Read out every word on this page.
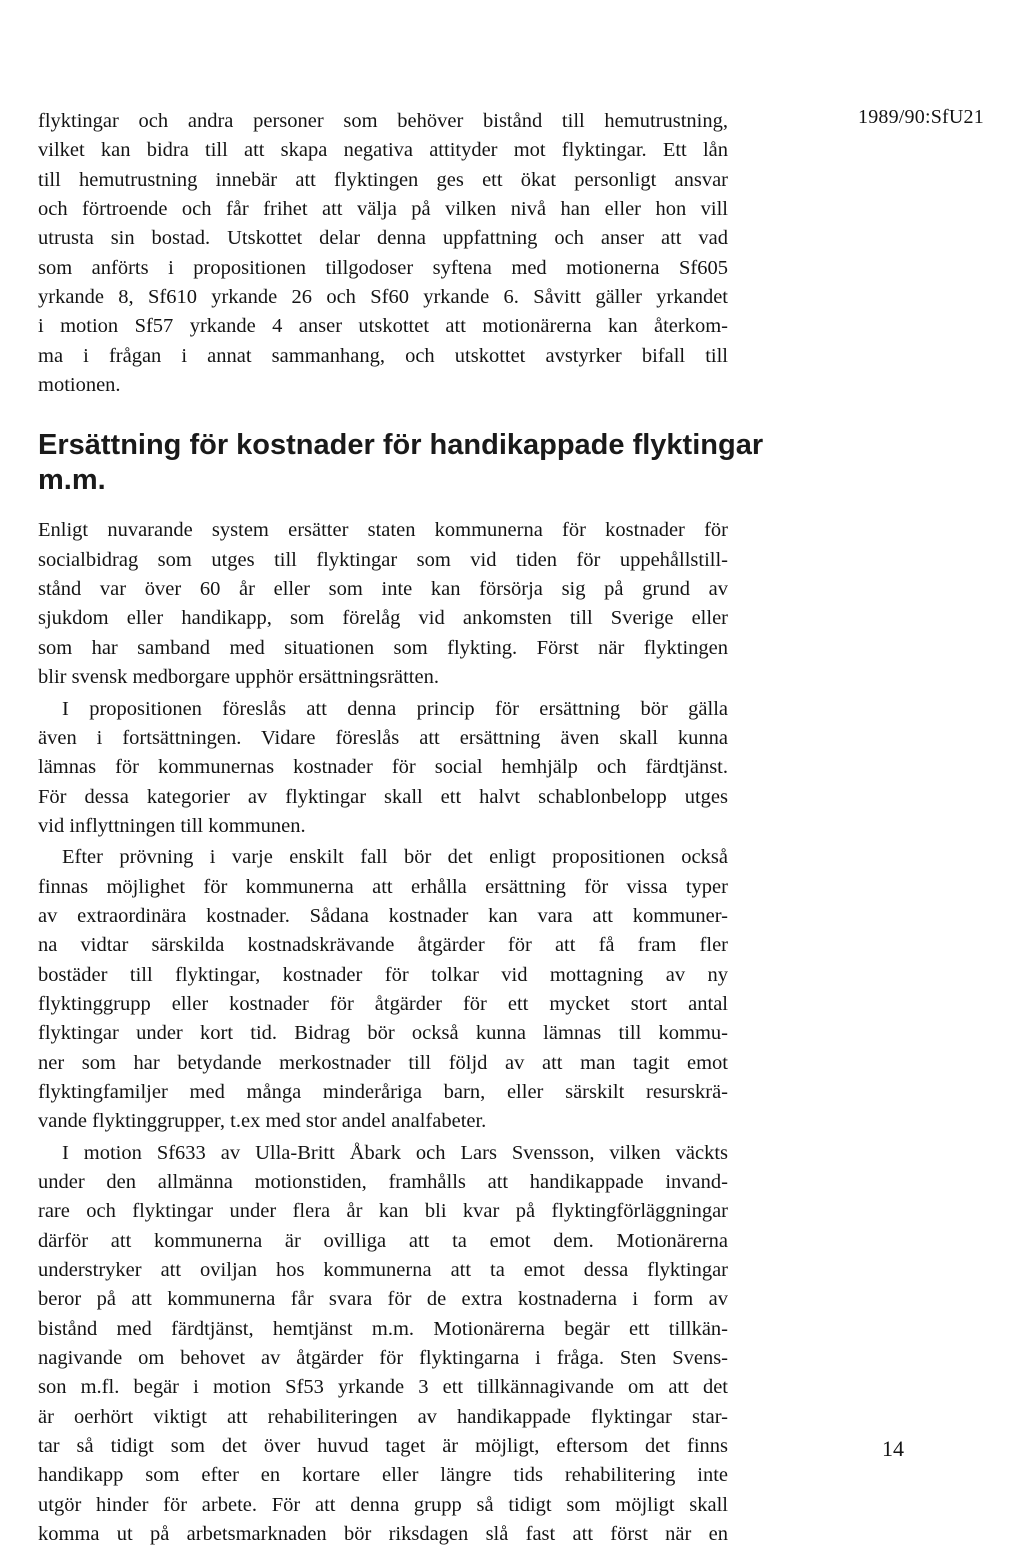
1989/90:SfU21
flyktingar och andra personer som behöver bistånd till hemutrustning,
vilket kan bidra till att skapa negativa attityder mot flyktingar. Ett lån
till hemutrustning innebär att flyktingen ges ett ökat personligt ansvar
och förtroende och får frihet att välja på vilken nivå han eller hon vill
utrusta sin bostad. Utskottet delar denna uppfattning och anser att vad
som anförts i propositionen tillgodoser syftena med motionerna Sf605
yrkande 8, Sf610 yrkande 26 och Sf60 yrkande 6. Såvitt gäller yrkandet
i motion Sf57 yrkande 4 anser utskottet att motionärerna kan återkom-
ma i frågan i annat sammanhang, och utskottet avstyrker bifall till
motionen.
Ersättning för kostnader för handikappade flyktingar
m.m.
Enligt nuvarande system ersätter staten kommunerna för kostnader för
socialbidrag som utges till flyktingar som vid tiden för uppehållstill-
stånd var över 60 år eller som inte kan försörja sig på grund av
sjukdom eller handikapp, som förelåg vid ankomsten till Sverige eller
som har samband med situationen som flykting. Först när flyktingen
blir svensk medborgare upphör ersättningsrätten.
I propositionen föreslås att denna princip för ersättning bör gälla
även i fortsättningen. Vidare föreslås att ersättning även skall kunna
lämnas för kommunernas kostnader för social hemhjälp och färdtjänst.
För dessa kategorier av flyktingar skall ett halvt schablonbelopp utges
vid inflyttningen till kommunen.
Efter prövning i varje enskilt fall bör det enligt propositionen också
finnas möjlighet för kommunerna att erhålla ersättning för vissa typer
av extraordinära kostnader. Sådana kostnader kan vara att kommuner-
na vidtar särskilda kostnadskrävande åtgärder för att få fram fler
bostäder till flyktingar, kostnader för tolkar vid mottagning av ny
flyktinggrupp eller kostnader för åtgärder för ett mycket stort antal
flyktingar under kort tid. Bidrag bör också kunna lämnas till kommu-
ner som har betydande merkostnader till följd av att man tagit emot
flyktingfamiljer med många minderåriga barn, eller särskilt resurskrä-
vande flyktinggrupper, t.ex med stor andel analfabeter.
I motion Sf633 av Ulla-Britt Åbark och Lars Svensson, vilken väckts
under den allmänna motionstiden, framhålls att handikappade invand-
rare och flyktingar under flera år kan bli kvar på flyktingförläggningar
därför att kommunerna är ovilliga att ta emot dem. Motionärerna
understryker att oviljan hos kommunerna att ta emot dessa flyktingar
beror på att kommunerna får svara för de extra kostnaderna i form av
bistånd med färdtjänst, hemtjänst m.m. Motionärerna begär ett tillkän-
nagivande om behovet av åtgärder för flyktingarna i fråga. Sten Svens-
son m.fl. begär i motion Sf53 yrkande 3 ett tillkännagivande om att det
är oerhört viktigt att rehabiliteringen av handikappade flyktingar star-
tar så tidigt som det över huvud taget är möjligt, eftersom det finns
handikapp som efter en kortare eller längre tids rehabilitering inte
utgör hinder för arbete. För att denna grupp så tidigt som möjligt skall
komma ut på arbetsmarknaden bör riksdagen slå fast att först när en
14
